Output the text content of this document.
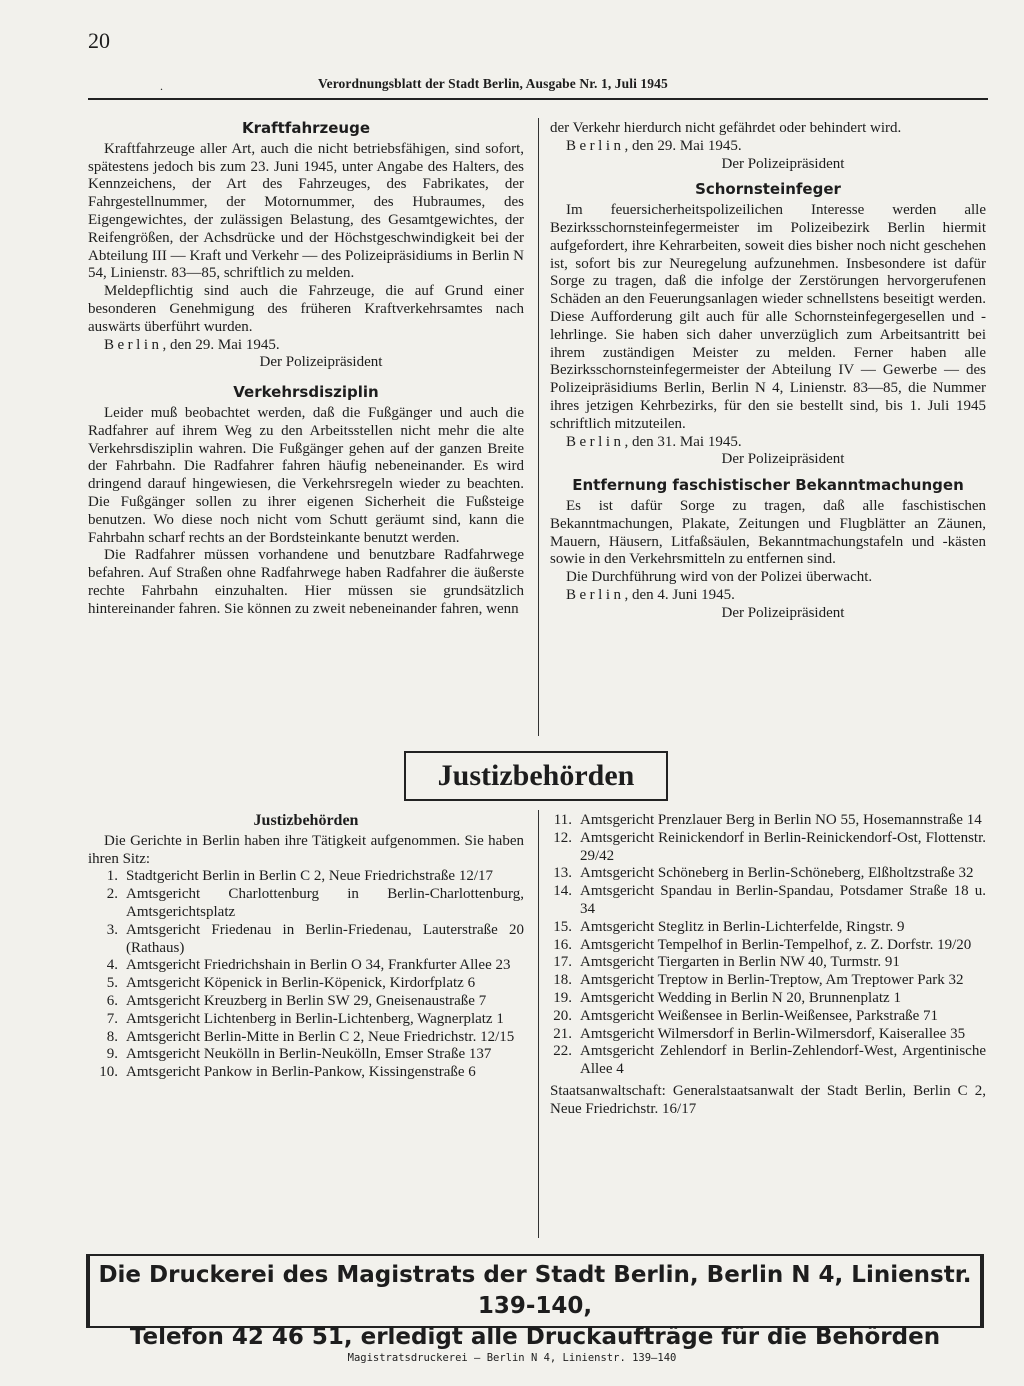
20
.	Verordnungsblatt der Stadt Berlin, Ausgabe Nr. 1, Juli 1945
Kraftfahrzeuge

Kraftfahrzeuge aller Art, auch die nicht betriebsfähigen, sind sofort, spätestens jedoch bis zum 23. Juni 1945, unter Angabe des Halters, des Kennzeichens, der Art des Fahrzeuges, des Fabrikates, der Fahrgestellnummer, der Motornummer, des Hubraumes, des Eigengewichtes, der zulässigen Belastung, des Gesamtgewichtes, der Reifengrößen, der Achsdrücke und der Höchstgeschwindigkeit bei der Abteilung III — Kraft und Verkehr — des Polizeipräsidiums in Berlin N 54, Linienstr. 83—85, schriftlich zu melden.

Meldepflichtig sind auch die Fahrzeuge, die auf Grund einer besonderen Genehmigung des früheren Kraftverkehrsamtes nach auswärts überführt wurden.

Berlin, den 29. Mai 1945.

Der Polizeipräsident

Verkehrsdisziplin

Leider muß beobachtet werden, daß die Fußgänger und auch die Radfahrer auf ihrem Weg zu den Arbeitsstellen nicht mehr die alte Verkehrsdisziplin wahren. Die Fußgänger gehen auf der ganzen Breite der Fahrbahn. Die Radfahrer fahren häufig nebeneinander. Es wird dringend darauf hingewiesen, die Verkehrsregeln wieder zu beachten. Die Fußgänger sollen zu ihrer eigenen Sicherheit die Fußsteige benutzen. Wo diese noch nicht vom Schutt geräumt sind, kann die Fahrbahn scharf rechts an der Bordsteinkante benutzt werden.

Die Radfahrer müssen vorhandene und benutzbare Radfahrwege befahren. Auf Straßen ohne Radfahrwege haben Radfahrer die äußerste rechte Fahrbahn einzuhalten. Hier müssen sie grundsätzlich hintereinander fahren. Sie können zu zweit nebeneinander fahren, wenn

der Verkehr hierdurch nicht gefährdet oder behindert wird.

Berlin, den 29. Mai 1945.

Der Polizeipräsident

Schornsteinfeger

Im feuersicherheitspolizeilichen Interesse werden alle Bezirksschornsteinfegermeister im Polizeibezirk Berlin hiermit aufgefordert, ihre Kehrarbeiten, soweit dies bisher noch nicht geschehen ist, sofort bis zur Neuregelung aufzunehmen. Insbesondere ist dafür Sorge zu tragen, daß die infolge der Zerstörungen hervorgerufenen Schäden an den Feuerungsanlagen wieder schnellstens beseitigt werden. Diese Aufforderung gilt auch für alle Schornsteinfegergesellen und -lehrlinge. Sie haben sich daher unverzüglich zum Arbeitsantritt bei ihrem zuständigen Meister zu melden. Ferner haben alle Bezirksschornsteinfegermeister der Abteilung IV — Gewerbe — des Polizeipräsidiums Berlin, Berlin N 4, Linienstr. 83—85, die Nummer ihres jetzigen Kehrbezirks, für den sie bestellt sind, bis 1. Juli 1945 schriftlich mitzuteilen.

Berlin, den 31. Mai 1945.

Der Polizeipräsident

Entfernung faschistischer Bekanntmachungen

Es ist dafür Sorge zu tragen, daß alle faschistischen Bekanntmachungen, Plakate, Zeitungen und Flugblätter an Zäunen, Mauern, Häusern, Litfaßsäulen, Bekanntmachungstafeln und -kästen sowie in den Verkehrsmitteln zu entfernen sind.

Die Durchführung wird von der Polizei überwacht.

Berlin, den 4. Juni 1945.

Der Polizeipräsident

Justizbehörden
Justizbehörden

Die Gerichte in Berlin haben ihre Tätigkeit aufgenommen. Sie haben ihren Sitz:

1. Stadtgericht Berlin in Berlin C 2, Neue Friedrichstraße 12/17
2. Amtsgericht Charlottenburg in Berlin-Charlottenburg, Amtsgerichtsplatz
3. Amtsgericht Friedenau in Berlin-Friedenau, Lauterstraße 20 (Rathaus)
4. Amtsgericht Friedrichshain in Berlin O 34, Frankfurter Allee 23
5. Amtsgericht Köpenick in Berlin-Köpenick, Kirdorfplatz 6
6. Amtsgericht Kreuzberg in Berlin SW 29, Gneisenaustraße 7
7. Amtsgericht Lichtenberg in Berlin-Lichtenberg, Wagnerplatz 1
8. Amtsgericht Berlin-Mitte in Berlin C 2, Neue Friedrichstr. 12/15
9. Amtsgericht Neukölln in Berlin-Neukölln, Emser Straße 137
10. Amtsgericht Pankow in Berlin-Pankow, Kissingenstraße 6
11. Amtsgericht Prenzlauer Berg in Berlin NO 55, Hosemannstraße 14
12. Amtsgericht Reinickendorf in Berlin-Reinickendorf-Ost, Flottenstr. 29/42
13. Amtsgericht Schöneberg in Berlin-Schöneberg, Elßholtzstraße 32
14. Amtsgericht Spandau in Berlin-Spandau, Potsdamer Straße 18 u. 34
15. Amtsgericht Steglitz in Berlin-Lichterfelde, Ringstr. 9
16. Amtsgericht Tempelhof in Berlin-Tempelhof, z. Z. Dorfstr. 19/20
17. Amtsgericht Tiergarten in Berlin NW 40, Turmstr. 91
18. Amtsgericht Treptow in Berlin-Treptow, Am Treptower Park 32
19. Amtsgericht Wedding in Berlin N 20, Brunnenplatz 1
20. Amtsgericht Weißensee in Berlin-Weißensee, Parkstraße 71
21. Amtsgericht Wilmersdorf in Berlin-Wilmersdorf, Kaiserallee 35
22. Amtsgericht Zehlendorf in Berlin-Zehlendorf-West, Argentinische Allee 4

Staatsanwaltschaft: Generalstaatsanwalt der Stadt Berlin, Berlin C 2, Neue Friedrichstr. 16/17

Die Druckerei des Magistrats der Stadt Berlin, Berlin N 4, Linienstr. 139-140,
Telefon 42 46 51, erledigt alle Druckaufträge für die Behörden
Magistratsdruckerei — Berlin N 4, Linienstr. 139—140
